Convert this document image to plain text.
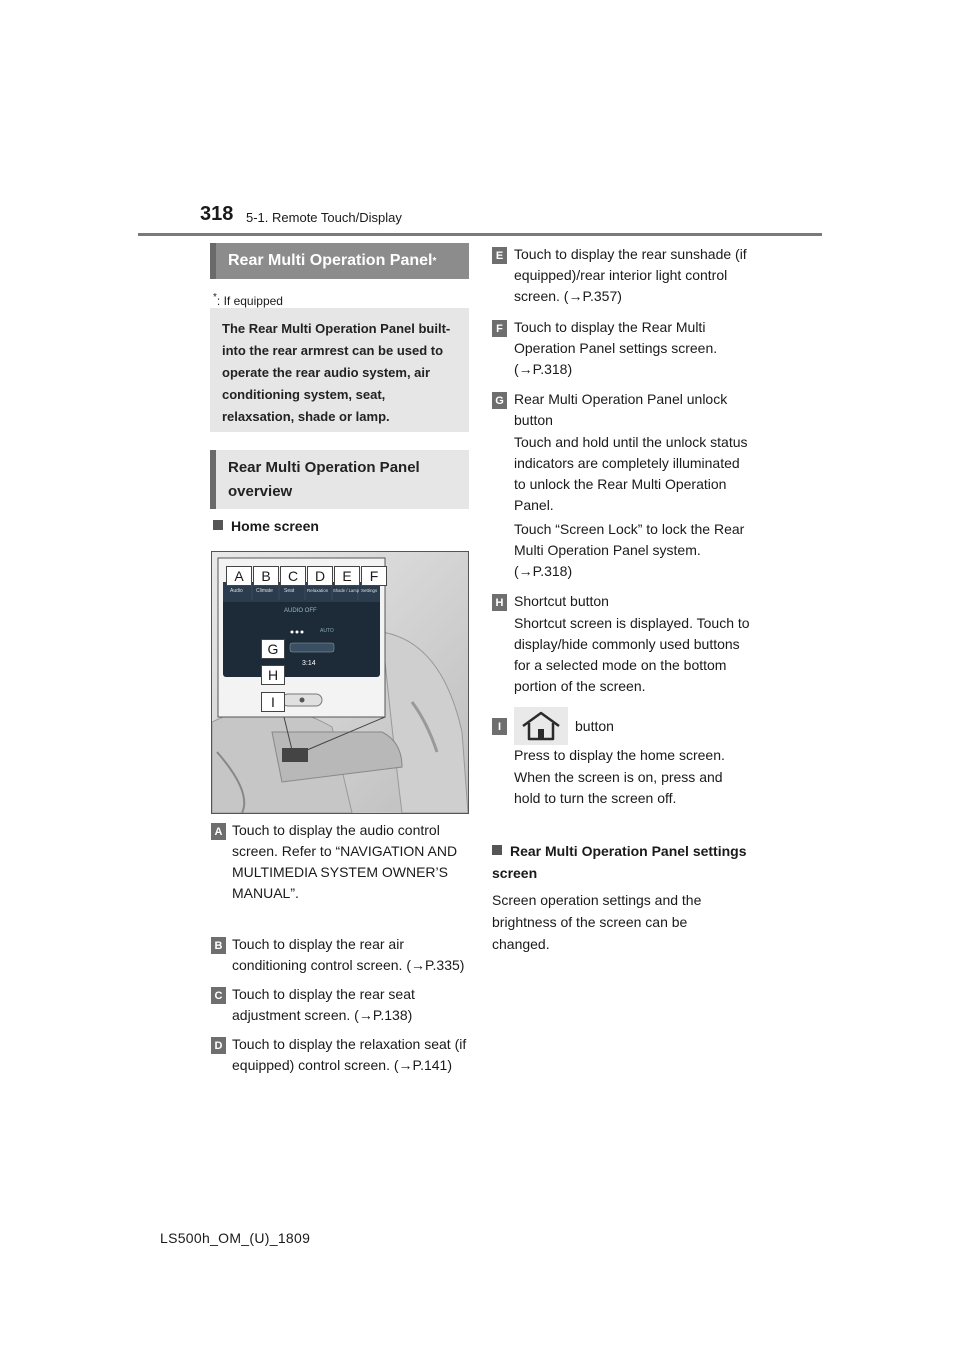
318 5-1. Remote Touch/Display
Rear Multi Operation Panel *
*: If equipped
The Rear Multi Operation Panel built-into the rear armrest can be used to operate the rear audio system, air conditioning system, seat, relaxsation, shade or lamp.
Rear Multi Operation Panel overview
Home screen
Audio	Climate Seat	Relaxation Shade / Lamp Settings
AUDIO OFF
3:14
AUTO
A	B	C	D	E	F
G
H
I
A Touch to display the audio control screen. Refer to “NAVIGATION AND MULTIMEDIA SYSTEM OWNER’S MANUAL”.
B Touch to display the rear air conditioning control screen. (→P.335)
C Touch to display the rear seat adjustment screen. (→P.138)
D Touch to display the relaxation seat (if equipped) control screen. (→P.141)
E Touch to display the rear sunshade (if equipped)/rear interior light control screen. (→P.357)
F Touch to display the Rear Multi Operation Panel settings screen. (→P.318)
G Rear Multi Operation Panel unlock button
Touch and hold until the unlock status indicators are completely illuminated to unlock the Rear Multi Operation Panel.
Touch “Screen Lock” to lock the Rear Multi Operation Panel system. (→P.318)
H Shortcut button
Shortcut screen is displayed. Touch to display/hide commonly used buttons for a selected mode on the bottom portion of the screen.
I	button
Press to display the home screen.
When the screen is on, press and hold to turn the screen off.
Rear Multi Operation Panel settings screen
Screen operation settings and the brightness of the screen can be changed.
LS500h_OM_(U)_1809
